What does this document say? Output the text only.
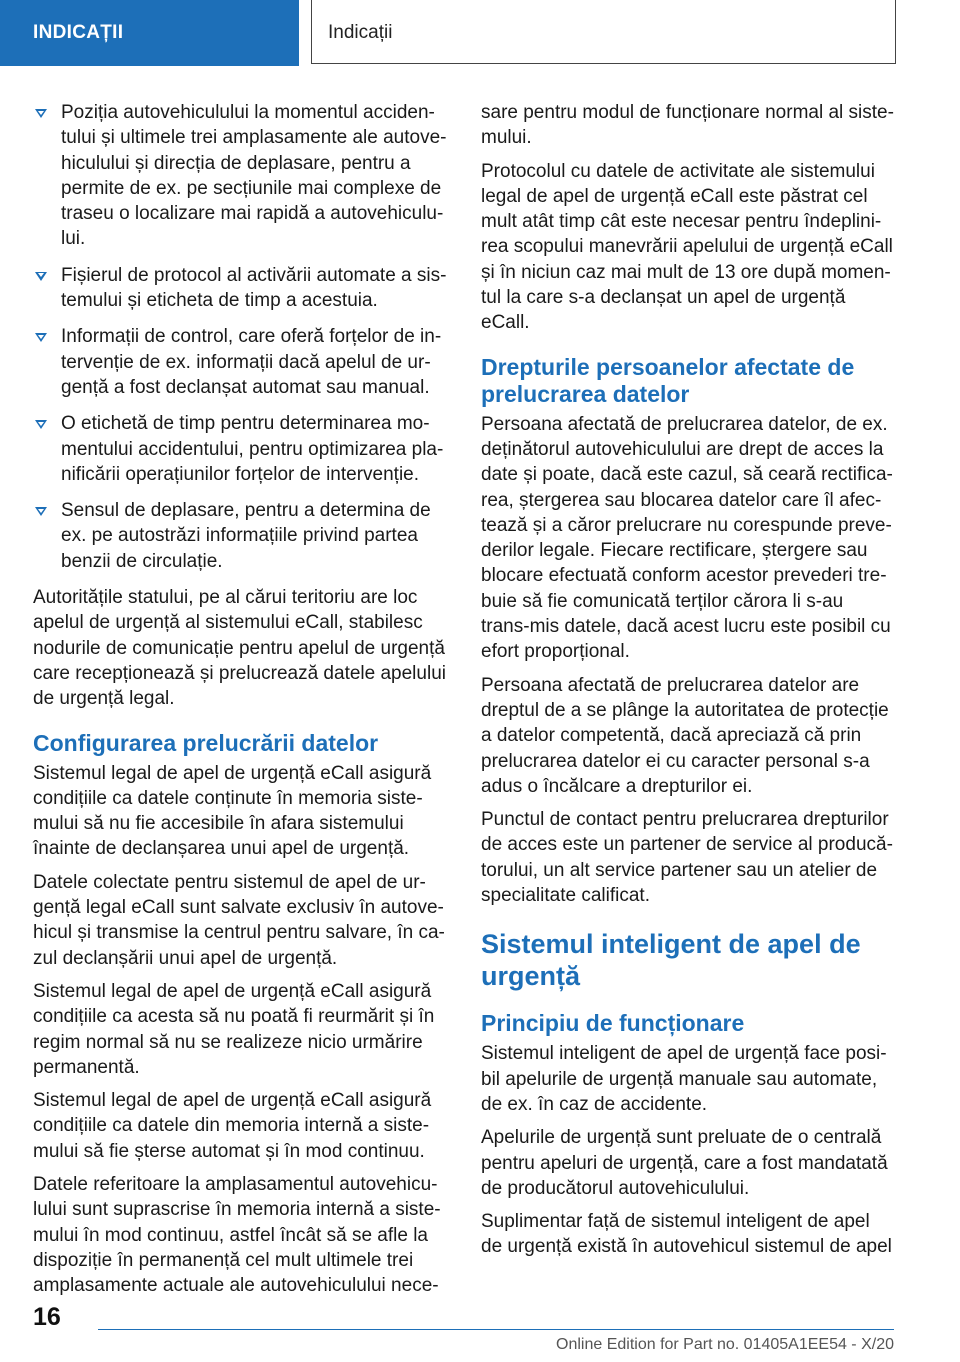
INDICAȚII	Indicații
Poziția autovehiculului la momentul acciden-tului și ultimele trei amplasamente ale autove-hiculului și direcția de deplasare, pentru a permite de ex. pe secțiunile mai complexe de traseu o localizare mai rapidă a autovehiculu-lui.
Fișierul de protocol al activării automate a sis-temului și eticheta de timp a acestuia.
Informații de control, care oferă forțelor de in-tervenție de ex. informații dacă apelul de ur-gență a fost declanșat automat sau manual.
O etichetă de timp pentru determinarea mo-mentului accidentului, pentru optimizarea pla-nificării operațiunilor forțelor de intervenție.
Sensul de deplasare, pentru a determina de ex. pe autostrăzi informațiile privind partea benzii de circulație.

Autoritățile statului, pe al cărui teritoriu are loc apelul de urgență al sistemului eCall, stabilesc nodurile de comunicație pentru apelul de urgență care recepționează și prelucrează datele apelului de urgență legal.

Configurarea prelucrării datelor

Sistemul legal de apel de urgență eCall asigură condițiile ca datele conținute în memoria siste-mului să nu fie accesibile în afara sistemului înainte de declanșarea unui apel de urgență.

Datele colectate pentru sistemul de apel de ur-gență legal eCall sunt salvate exclusiv în autove-hicul și transmise la centrul pentru salvare, în ca-zul declanșării unui apel de urgență.

Sistemul legal de apel de urgență eCall asigură condițiile ca acesta să nu poată fi reurmărit și în regim normal să nu se realizeze nicio urmărire permanentă.

Sistemul legal de apel de urgență eCall asigură condițiile ca datele din memoria internă a siste-mului să fie șterse automat și în mod continuu.

Datele referitoare la amplasamentul autovehicu-lului sunt suprascrise în memoria internă a siste-mului în mod continuu, astfel încât să se afle la dispoziție în permanență cel mult ultimele trei amplasamente actuale ale autovehiculului nece-

sare pentru modul de funcționare normal al siste-mului.

Protocolul cu datele de activitate ale sistemului legal de apel de urgență eCall este păstrat cel mult atât timp cât este necesar pentru îndeplini-rea scopului manevrării apelului de urgență eCall și în niciun caz mai mult de 13 ore după momen-tul la care s-a declanșat un apel de urgență eCall.

Drepturile persoanelor afectate de prelucrarea datelor

Persoana afectată de prelucrarea datelor, de ex. deținătorul autovehiculului are drept de acces la date și poate, dacă este cazul, să ceară rectifica-rea, ștergerea sau blocarea datelor care îl afec-tează și a căror prelucrare nu corespunde preve-derilor legale. Fiecare rectificare, ștergere sau blocare efectuată conform acestor prevederi tre-buie să fie comunicată terților cărora li s-au trans-mis datele, dacă acest lucru este posibil cu efort proporțional.

Persoana afectată de prelucrarea datelor are dreptul de a se plânge la autoritatea de protecție a datelor competentă, dacă apreciază că prin prelucrarea datelor ei cu caracter personal s-a adus o încălcare a drepturilor ei.

Punctul de contact pentru prelucrarea drepturilor de acces este un partener de service al producă-torului, un alt service partener sau un atelier de specialitate calificat.

Sistemul inteligent de apel de urgență
Principiu de funcționare

Sistemul inteligent de apel de urgență face posi-bil apelurile de urgență manuale sau automate, de ex. în caz de accidente.

Apelurile de urgență sunt preluate de o centrală pentru apeluri de urgență, care a fost mandatată de producătorul autovehiculului.

Suplimentar față de sistemul inteligent de apel de urgență există în autovehicul sistemul de apel

16
Online Edition for Part no. 01405A1EE54 - X/20
